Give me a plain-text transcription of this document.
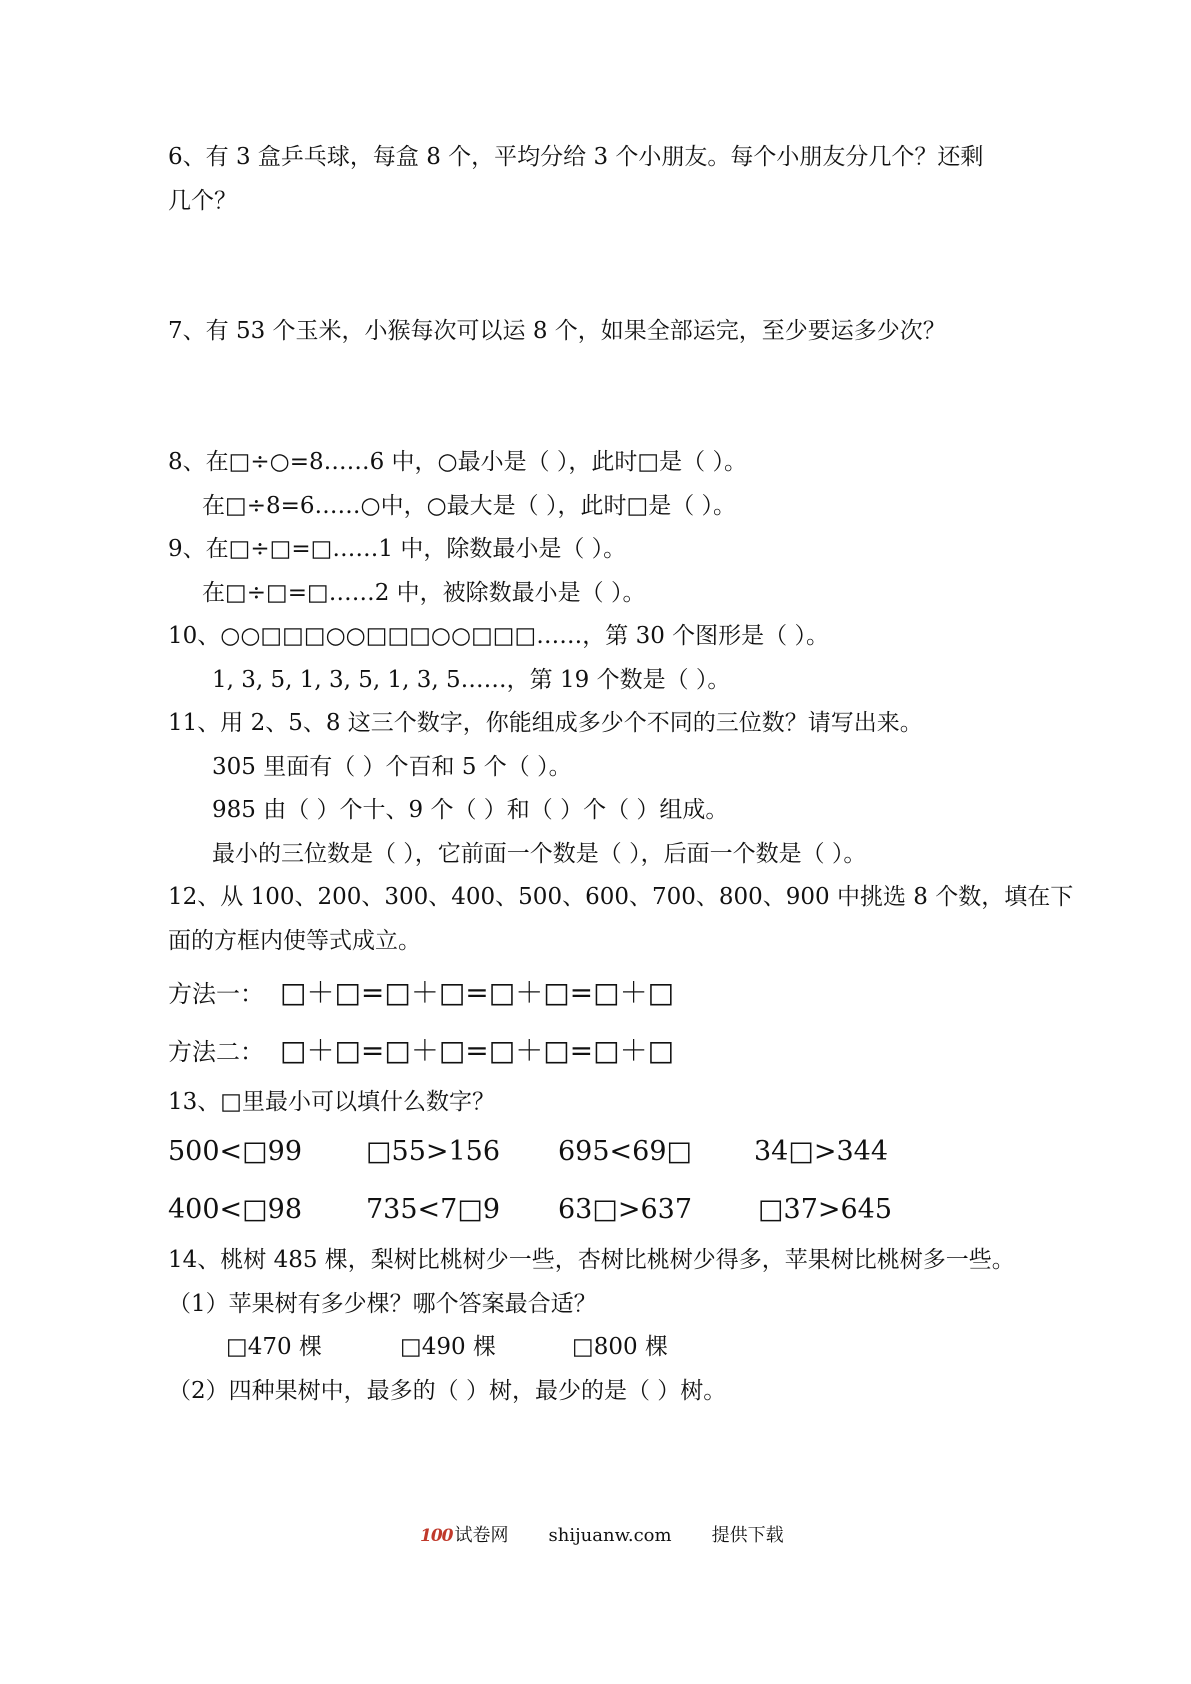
6、有 3 盒乒乓球，每盒 8 个，平均分给 3 个小朋友。每个小朋友分几个？还剩
几个？
7、有 53 个玉米，小猴每次可以运 8 个，如果全部运完，至少要运多少次？
8、在□÷○=8……6 中，○最小是（ ），此时□是（ ）。
在□÷8=6……○中，○最大是（ ），此时□是（ ）。
9、在□÷□=□……1 中，除数最小是（ ）。
在□÷□=□……2 中，被除数最小是（ ）。
10、○○□□□○○□□□○○□□□……，第 30 个图形是（ ）。
1, 3, 5, 1, 3, 5, 1, 3, 5……，第 19 个数是（ ）。
11、用 2、5、8 这三个数字，你能组成多少个不同的三位数？请写出来。
305 里面有（ ）个百和 5 个（ ）。
985 由（ ）个十、9 个（ ）和（ ）个（ ）组成。
最小的三位数是（ ），它前面一个数是（ ），后面一个数是（ ）。
12、从 100、200、300、400、500、600、700、800、900 中挑选 8 个数，填在下
面的方框内使等式成立。
方法一： □＋□=□＋□=□＋□=□＋□
方法二： □＋□=□＋□=□＋□=□＋□
13、□里最小可以填什么数字？
500<□99 □55>156 695<69□ 34□>344
400<□98 735<7□9 63□>637 □37>645
14、桃树 485 棵，梨树比桃树少一些，杏树比桃树少得多，苹果树比桃树多一些。
（1）苹果树有多少棵？哪个答案最合适？
□470 棵	□490 棵	□800 棵
（2）四种果树中，最多的（ ）树，最少的是（ ）树。
100 试卷网 shijuanw.com 提供下载
